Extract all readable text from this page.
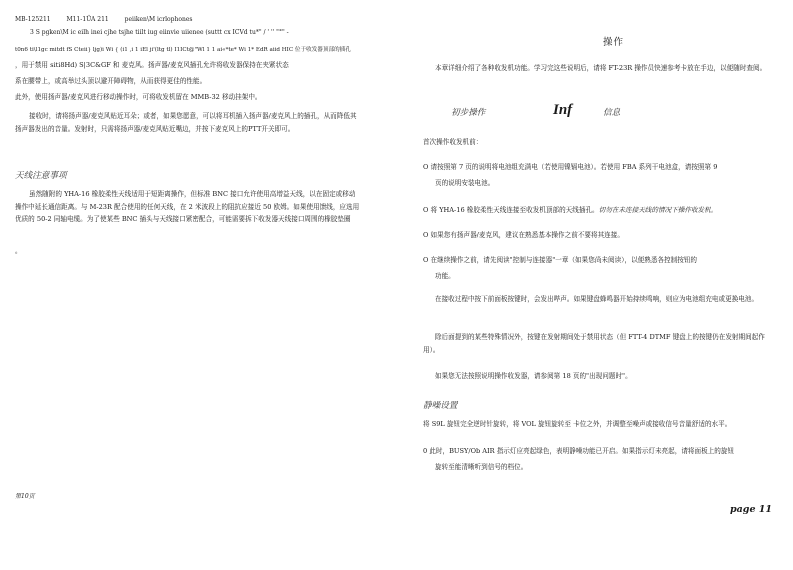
MB-125211	M11-1ÜA 211	peiiken\M icrlophones
3 S pgken\M ic eilh inei cjhe tsjhe tiilt iug eiinvie uiienee (suttt cx ICVd tu*" / ' '' "°" -
t0n6 ti\l1gc mitdt fS Cteii} ljg)i Wi { (i1 ,i 1 iEl ji'(ltg tl) I1ICt@"Wl 1 1 ai«*te* Wi 1* EdR aiid HIC 位于收发器顶部的插孔
，用于禁用 siti8Hd) S|3C&GF 和 麦克风。扬声器/麦克风插孔允许将收发器保持在夹紧状态
系在腰带上，或高举过头顶以避开障碍物，从而获得更佳的性能。
此外，使用扬声器/麦克风进行移动操作时，可将收发机留在 MMB-32 移动挂架中。
接收时，请将扬声器/麦克风贴近耳朵；或者，如果您愿意，可以将耳机插入扬声器/麦克风上的插孔，从而降低其扬声器发出的音量。发射时，只需将扬声器/麦克风贴近嘴边，并按下麦克风上的PTT开关即可。
天线注意事项
虽然随附的 YHA-16 橡胶柔性天线适用于短距离操作，但标准 BNC 接口允许使用高增益天线，以在固定或移动操作中延长通信距离。与 M-23R 配合使用的任何天线，在 2 米波段上的阻抗应接近 50 欧姆。如果使用馈线，应选用优质的 50-2 同轴电缆。为了使某些 BNC 插头与天线接口紧密配合，可能需要拆下收发器天线接口周围的橡胶垫圈
。
第10页
操作
本章详细介绍了各种收发机功能。学习完这些说明后，请将 FT-23R 操作员快速参考卡放在手边，以便随时查阅。
初步操作	Inf	信息
首次操作收发机前：
O 请按照第 7 页的说明将电池组充满电（若使用镍镉电池）。若使用 FBA 系列干电池盒，请按照第 9
页的说明安装电池。
O 将 YHA-16 橡胶柔性天线连接至收发机顶部的天线插孔。切勿在未连接天线的情况下操作收发机。
O 如果您有扬声器/麦克风，建议在熟悉基本操作之前不要将其连接。
O 在继续操作之前，请先阅读"控制与连接器"一章（如果您尚未阅读），以便熟悉各控制按钮的
功能。
在接收过程中按下前面板按键时，会发出哔声。如果键盘蜂鸣器开始持续鸣响，则应为电池组充电或更换电池。
除后面提到的某些特殊情况外，按键在发射期间处于禁用状态（但 FTT-4 DTMF 键盘上的按键仍在发射期间起作用）。
如果您无法按照说明操作收发器，请参阅第 18 页的"出现问题时"。
静噪设置
将 S9L 旋钮完全逆时针旋转，将 VOL 旋钮旋转至 卡位之外，并调整至噪声或接收信号音量舒适的水平。
0 此时，BUSY/Ob AIR 指示灯应亮起绿色，表明静噪功能已开启。如果指示灯未亮起，请将面板上的旋钮
旋转至能清晰听到信号的档位。
page 11
